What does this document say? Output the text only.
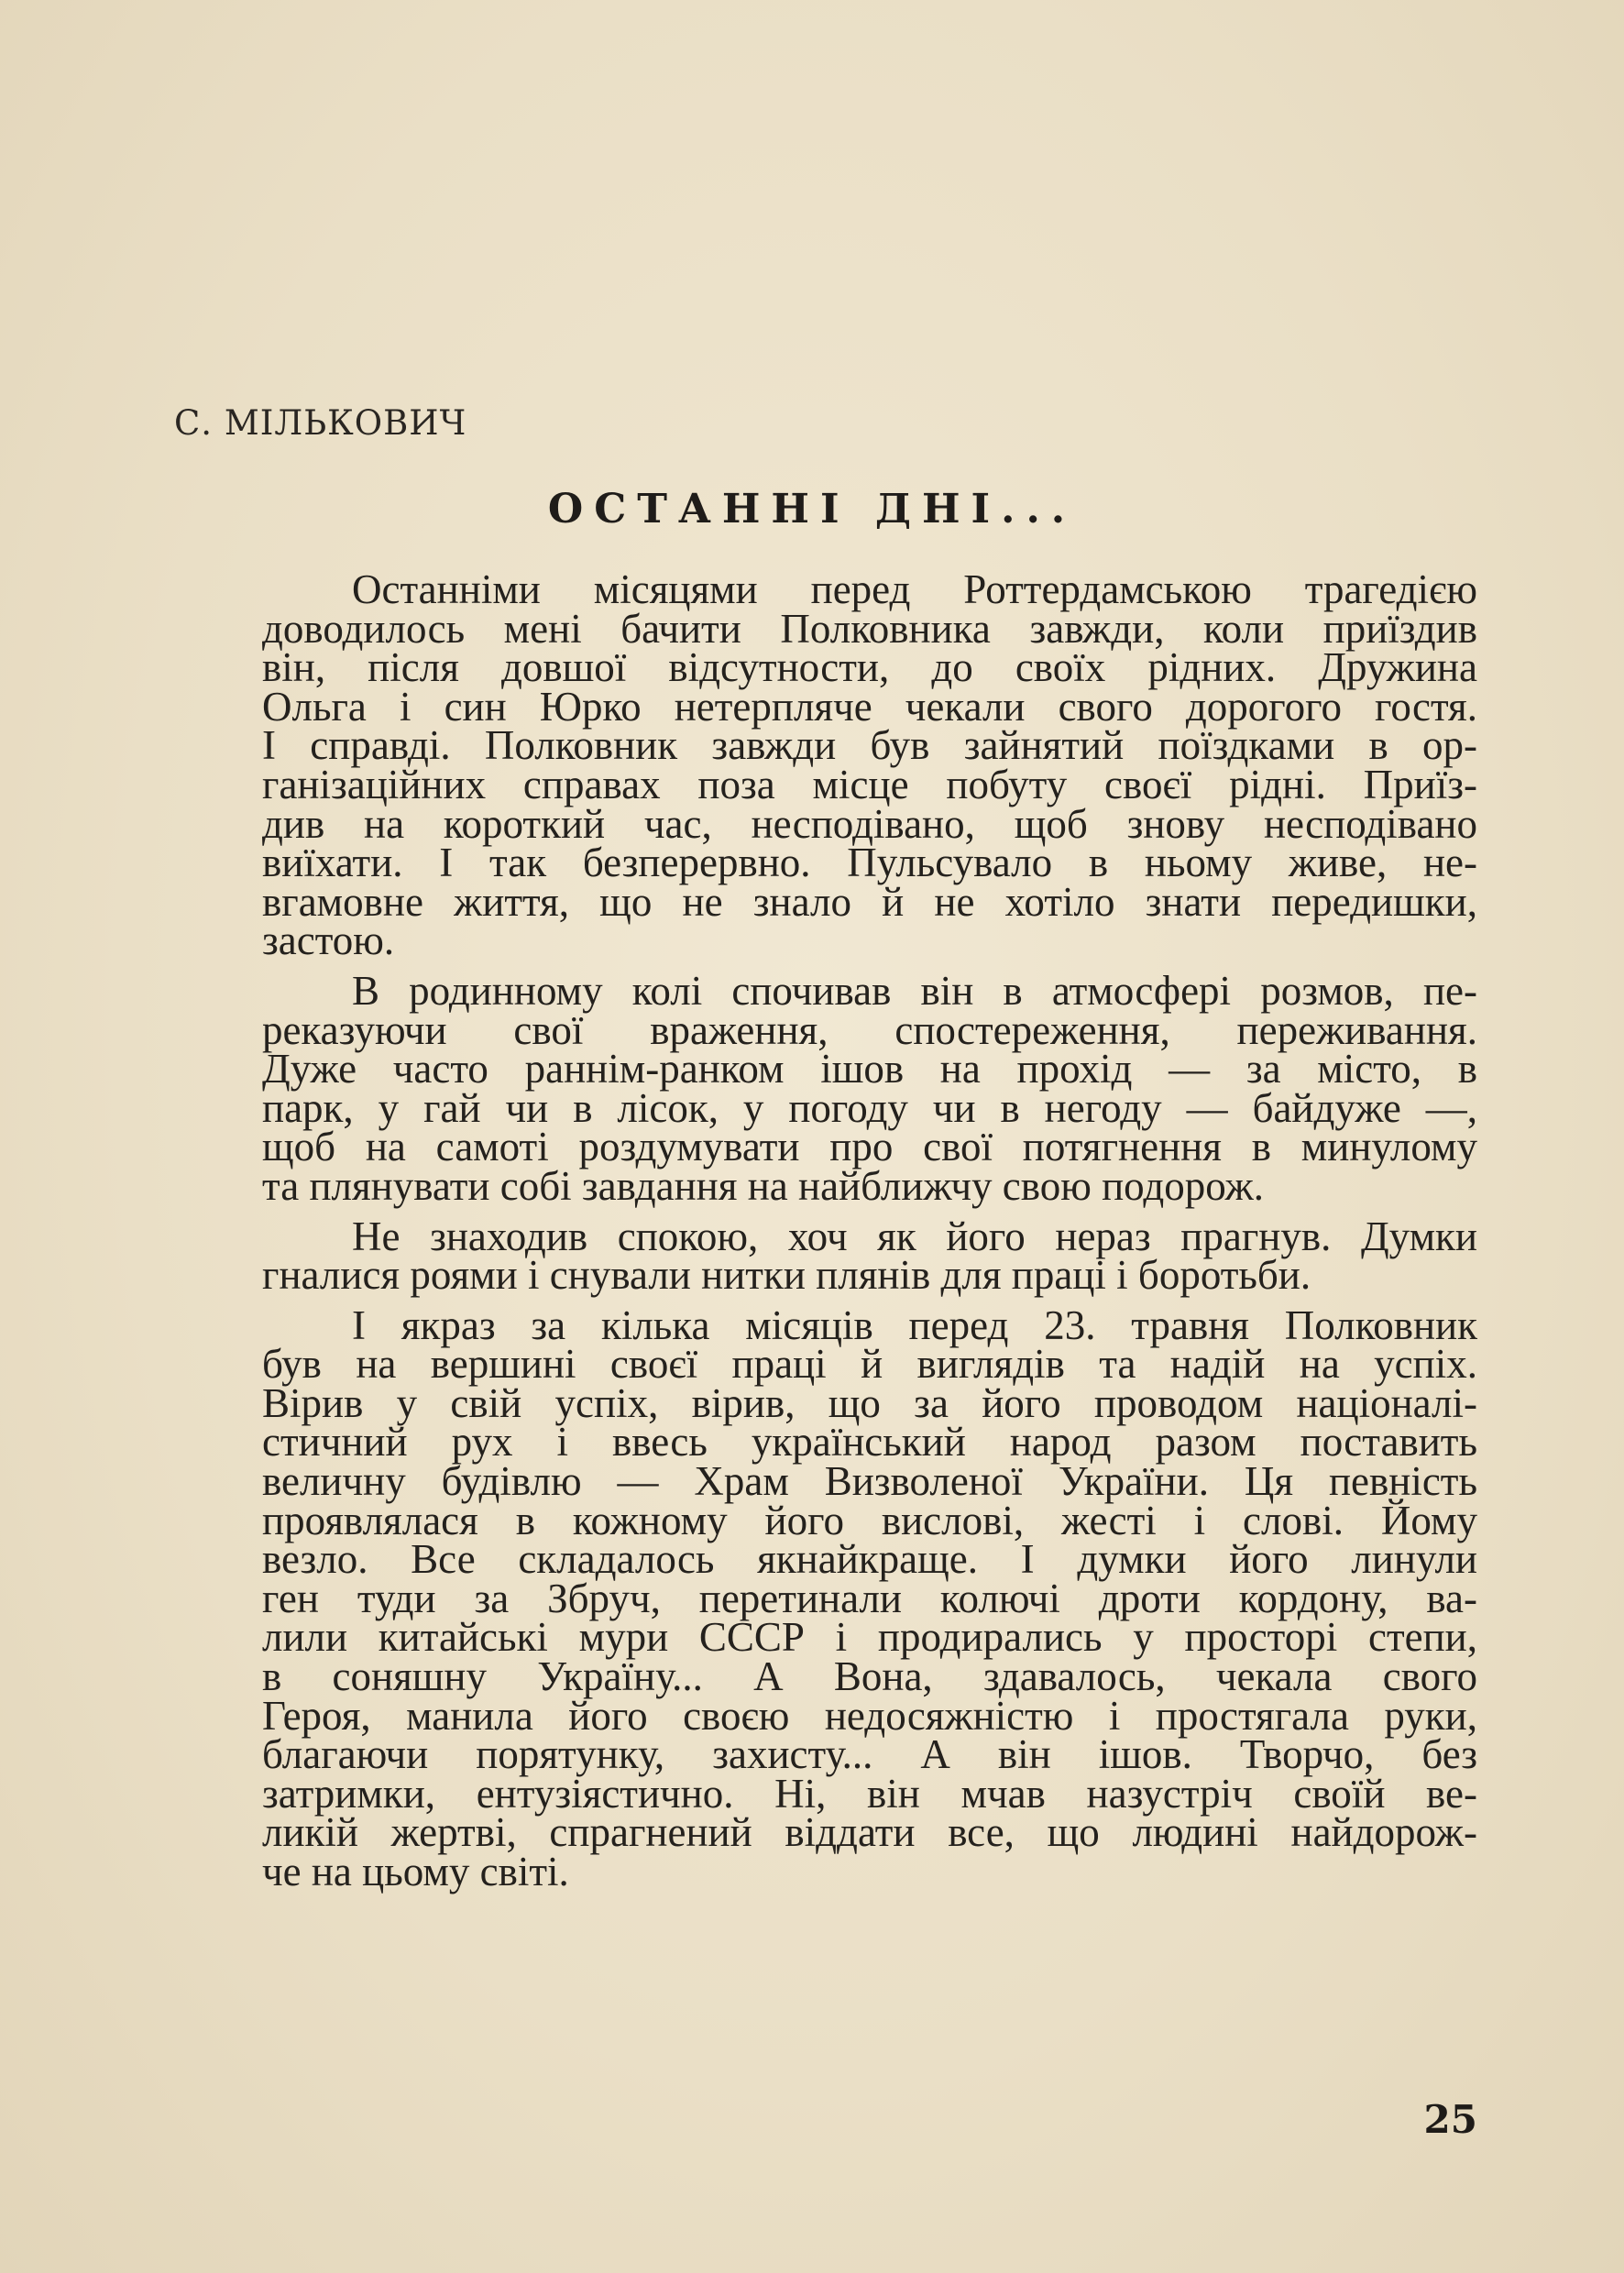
С. МІЛЬКОВИЧ
ОСТАННІ ДНІ...
Останніми місяцями перед Роттердамською трагедією
доводилось мені бачити Полковника завжди, коли приїздив
він, після довшої відсутности, до своїх рідних. Дружина
Ольга і син Юрко нетерпляче чекали свого дорогого гостя.
І справді. Полковник завжди був зайнятий поїздками в ор-
ганізаційних справах поза місце побуту своєї рідні. Приїз-
див на короткий час, несподівано, щоб знову несподівано
виїхати. І так безперервно. Пульсувало в ньому живе, не-
вгамовне життя, що не знало й не хотіло знати передишки,
застою.
В родинному колі спочивав він в атмосфері розмов, пе-
реказуючи свої враження, спостереження, переживання.
Дуже часто раннім-ранком ішов на прохід — за місто, в
парк, у гай чи в лісок, у погоду чи в негоду — байдуже —,
щоб на самоті роздумувати про свої потягнення в минулому
та плянувати собі завдання на найближчу свою подорож.
Не знаходив спокою, хоч як його нераз прагнув. Думки
гналися роями і снували нитки плянів для праці і боротьби.
І якраз за кілька місяців перед 23. травня Полковник
був на вершині своєї праці й виглядів та надій на успіх.
Вірив у свій успіх, вірив, що за його проводом націоналі-
стичний рух і ввесь український народ разом поставить
величну будівлю — Храм Визволеної України. Ця певність
проявлялася в кожному його вислові, жесті і слові. Йому
везло. Все складалось якнайкраще. І думки його линули
ген туди за Збруч, перетинали колючі дроти кордону, ва-
лили китайські мури СССР і продирались у просторі степи,
в соняшну Україну... А Вона, здавалось, чекала свого
Героя, манила його своєю недосяжністю і простягала руки,
благаючи порятунку, захисту... А він ішов. Творчо, без
затримки, ентузіястично. Ні, він мчав назустріч своїй ве-
ликій жертві, спрагнений віддати все, що людині найдорож-
че на цьому світі.
25
